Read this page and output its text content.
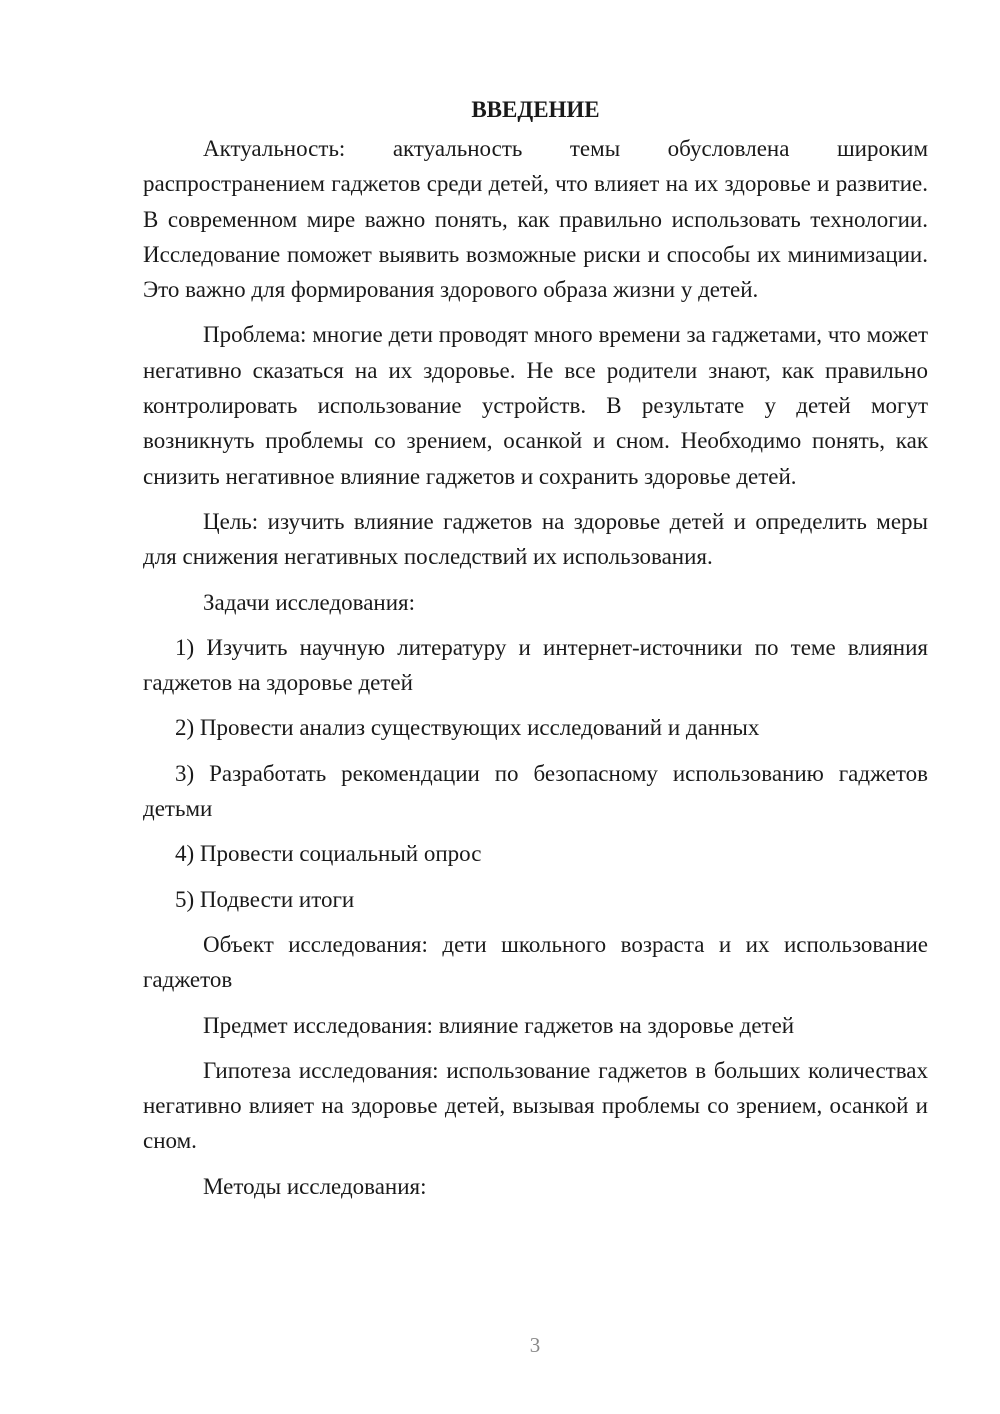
ВВЕДЕНИЕ

Актуальность: актуальность темы обусловлена широким распространением гаджетов среди детей, что влияет на их здоровье и развитие. В современном мире важно понять, как правильно использовать технологии. Исследование поможет выявить возможные риски и способы их минимизации. Это важно для формирования здорового образа жизни у детей.

Проблема: многие дети проводят много времени за гаджетами, что может негативно сказаться на их здоровье. Не все родители знают, как правильно контролировать использование устройств. В результате у детей могут возникнуть проблемы со зрением, осанкой и сном. Необходимо понять, как снизить негативное влияние гаджетов и сохранить здоровье детей.

Цель: изучить влияние гаджетов на здоровье детей и определить меры для снижения негативных последствий их использования.

Задачи исследования:

1) Изучить научную литературу и интернет-источники по теме влияния гаджетов на здоровье детей
2) Провести анализ существующих исследований и данных
3) Разработать рекомендации по безопасному использованию гаджетов детьми
4) Провести социальный опрос
5) Подвести итоги

Объект исследования: дети школьного возраста и их использование гаджетов

Предмет исследования: влияние гаджетов на здоровье детей

Гипотеза исследования: использование гаджетов в больших количествах негативно влияет на здоровье детей, вызывая проблемы со зрением, осанкой и сном.

Методы исследования:

3
